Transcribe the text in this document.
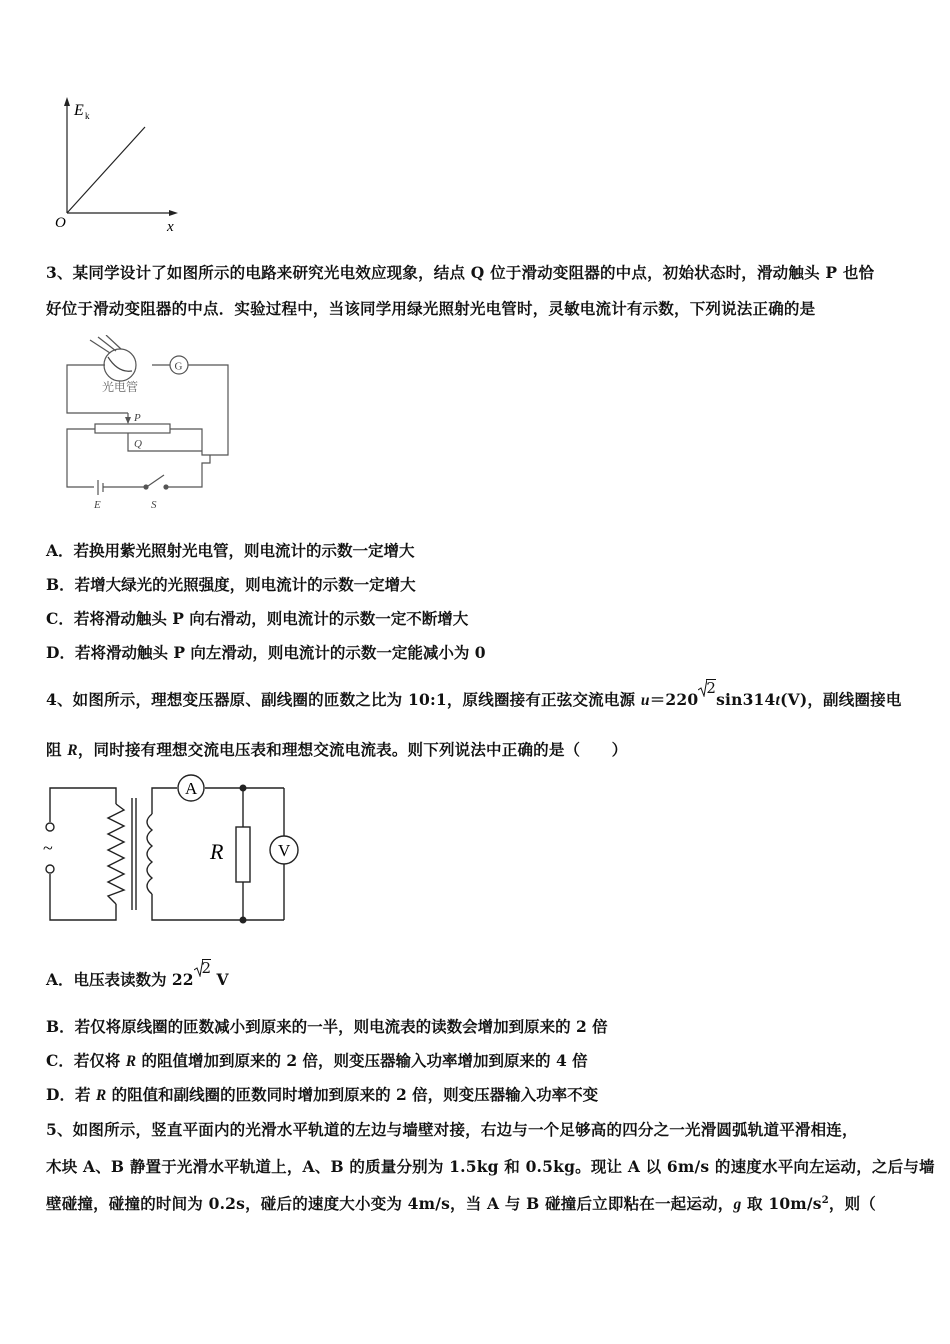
E k
O	x
3、某同学设计了如图所示的电路来研究光电效应现象，结点 Q 位于滑动变阻器的中点，初始状态时，滑动触头 P 也恰
好位于滑动变阻器的中点．实验过程中，当该同学用绿光照射光电管时，灵敏电流计有示数，下列说法正确的是
光电管
G
P
Q
E	S
A．若换用紫光照射光电管，则电流计的示数一定增大
B．若增大绿光的光照强度，则电流计的示数一定增大
C．若将滑动触头 P 向右滑动，则电流计的示数一定不断增大
D．若将滑动触头 P 向左滑动，则电流计的示数一定能减小为 0
4、如图所示，理想变压器原、副线圈的匝数之比为 10:1，原线圈接有正弦交流电源 u＝220
2sin314t(V)，副线圈接电
阻 R，同时接有理想交流电压表和理想交流电流表。则下列说法中正确的是（　　）
~
A
V
R
A．电压表读数为 22
2 V
B．若仅将原线圈的匝数减小到原来的一半，则电流表的读数会增加到原来的 2 倍
C．若仅将 R 的阻值增加到原来的 2 倍，则变压器输入功率增加到原来的 4 倍
D．若 R 的阻值和副线圈的匝数同时增加到原来的 2 倍，则变压器输入功率不变
5、如图所示，竖直平面内的光滑水平轨道的左边与墙壁对接，右边与一个足够高的四分之一光滑圆弧轨道平滑相连，
木块 A、B 静置于光滑水平轨道上，A、B 的质量分别为 1.5kg 和 0.5kg。现让 A 以 6m/s 的速度水平向左运动，之后与墙
壁碰撞，碰撞的时间为 0.2s，碰后的速度大小变为 4m/s，当 A 与 B 碰撞后立即粘在一起运动，g 取 $10m/s^2$，则（
